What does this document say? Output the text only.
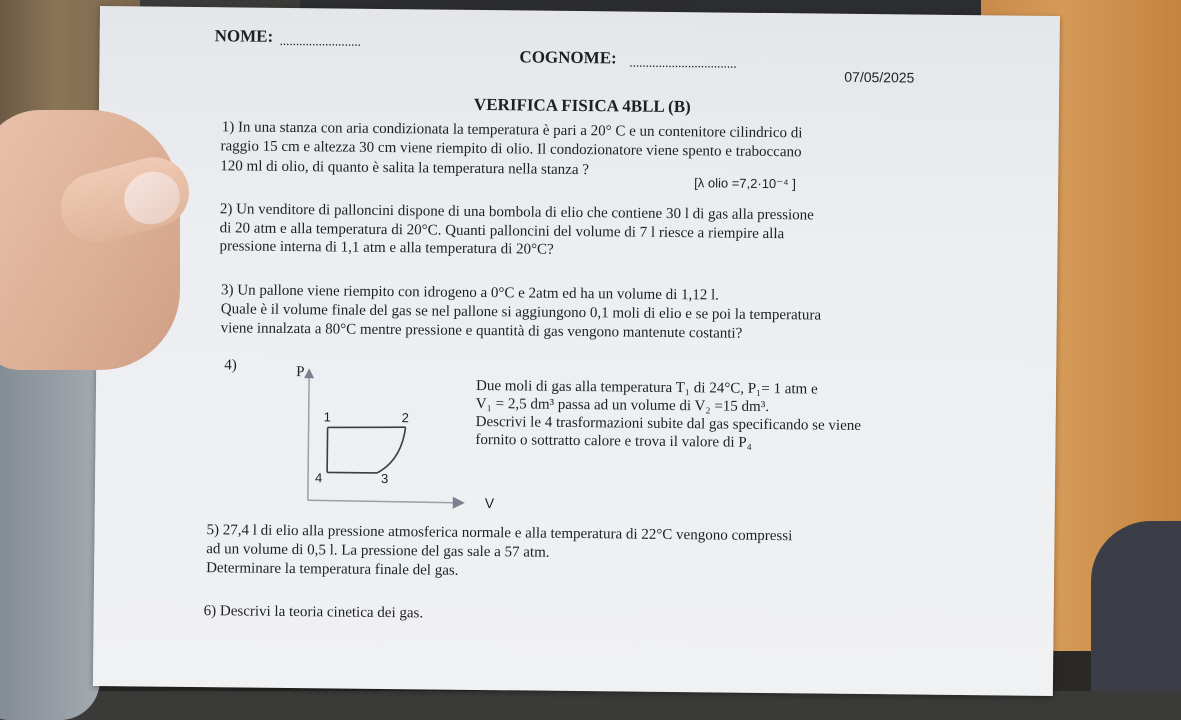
NOME: .........................
COGNOME: .................................
07/05/2025
VERIFICA FISICA 4BLL (B)
1) In una stanza con aria condizionata la temperatura è pari a 20° C e un contenitore cilindrico di
raggio 15 cm e altezza 30 cm viene riempito di olio. Il condozionatore viene spento e traboccano
120 ml di olio, di quanto è salita la temperatura nella stanza ?
[λ olio =7,2·10⁻⁴ ]
2) Un venditore di palloncini dispone di una bombola di elio che contiene 30 l di gas alla pressione
di 20 atm e alla temperatura di 20°C. Quanti palloncini del volume di 7 l riesce a riempire alla
pressione interna di 1,1 atm e alla temperatura di 20°C?
3) Un pallone viene riempito con idrogeno a 0°C e 2atm ed ha un volume di 1,12 l.
Quale è il volume finale del gas se nel pallone si aggiungono 0,1 moli di elio e se poi la temperatura
viene innalzata a 80°C mentre pressione e quantità di gas vengono mantenute costanti?
4)	P
V
1	2
3
4
Due moli di gas alla temperatura T₁ di 24°C, P₁= 1 atm e
V₁ = 2,5 dm³ passa ad un volume di V₂ =15 dm³.
Descrivi le 4 trasformazioni subite dal gas specificando se viene
fornito o sottratto calore e trova il valore di P₄
5) 27,4 l di elio alla pressione atmosferica normale e alla temperatura di 22°C vengono compressi
ad un volume di 0,5 l. La pressione del gas sale a 57 atm.
Determinare la temperatura finale del gas.
6) Descrivi la teoria cinetica dei gas.
